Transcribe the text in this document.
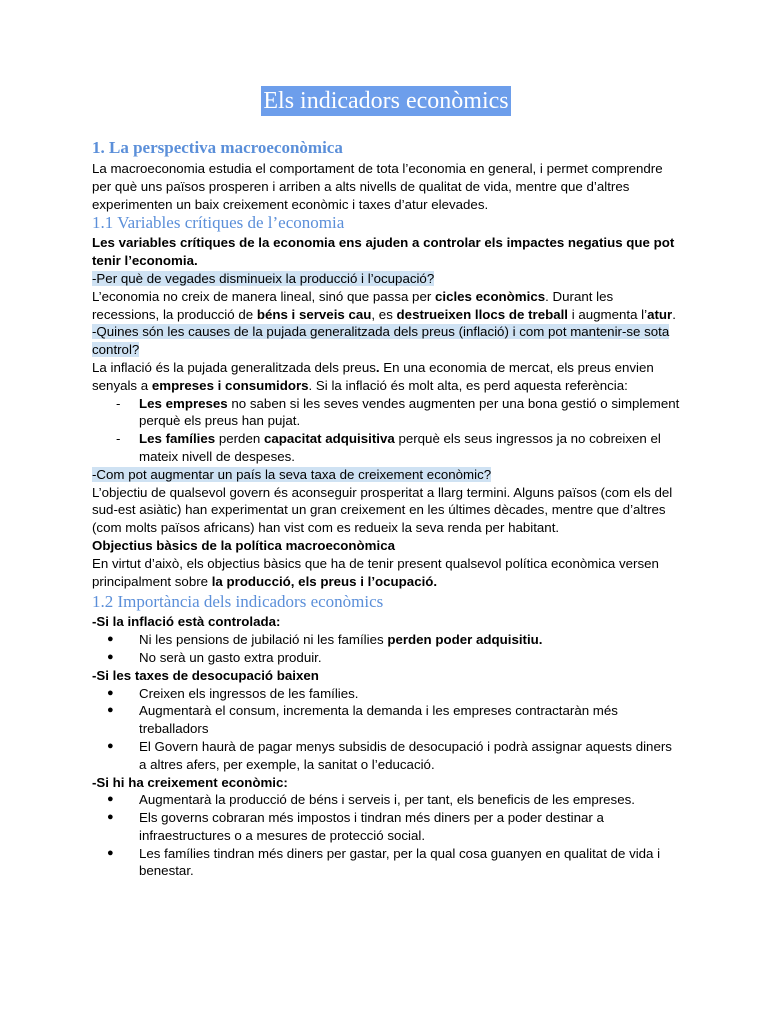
Els indicadors econòmics
1. La perspectiva macroeconòmica

La macroeconomia estudia el comportament de tota l’economia en general, i permet comprendre per què uns països prosperen i arriben a alts nivells de qualitat de vida, mentre que d’altres experimenten un baix creixement econòmic i taxes d’atur elevades.

1.1 Variables crítiques de l’economia

Les variables crítiques de la economia ens ajuden a controlar els impactes negatius que pot tenir l’economia.

-Per què de vegades disminueix la producció i l’ocupació?

L’economia no creix de manera lineal, sinó que passa per cicles econòmics. Durant les recessions, la producció de béns i serveis cau, es destrueixen llocs de treball i augmenta l’atur.

-Quines són les causes de la pujada generalitzada dels preus (inflació) i com pot mantenir-se sota control?

La inflació és la pujada generalitzada dels preus. En una economia de mercat, els preus envien senyals a empreses i consumidors. Si la inflació és molt alta, es perd aquesta referència:

- Les empreses no saben si les seves vendes augmenten per una bona gestió o simplement perquè els preus han pujat.
- Les famílies perden capacitat adquisitiva perquè els seus ingressos ja no cobreixen el mateix nivell de despeses.

-Com pot augmentar un país la seva taxa de creixement econòmic?

L’objectiu de qualsevol govern és aconseguir prosperitat a llarg termini. Alguns països (com els del sud-est asiàtic) han experimentat un gran creixement en les últimes dècades, mentre que d’altres (com molts països africans) han vist com es redueix la seva renda per habitant.

Objectius bàsics de la política macroeconòmica

En virtut d’això, els objectius bàsics que ha de tenir present qualsevol política econòmica versen principalment sobre la producció, els preus i l’ocupació.

1.2 Importància dels indicadors econòmics

-Si la inflació està controlada:

● Ni les pensions de jubilació ni les famílies perden poder adquisitiu.
● No serà un gasto extra produir.

-Si les taxes de desocupació baixen

● Creixen els ingressos de les famílies.
● Augmentarà el consum, incrementa la demanda i les empreses contractaràn més treballadors
● El Govern haurà de pagar menys subsidis de desocupació i podrà assignar aquests diners a altres afers, per exemple, la sanitat o l’educació.

-Si hi ha creixement econòmic:

● Augmentarà la producció de béns i serveis i, per tant, els beneficis de les empreses.
● Els governs cobraran més impostos i tindran més diners per a poder destinar a infraestructures o a mesures de protecció social.
● Les famílies tindran més diners per gastar, per la qual cosa guanyen en qualitat de vida i benestar.
